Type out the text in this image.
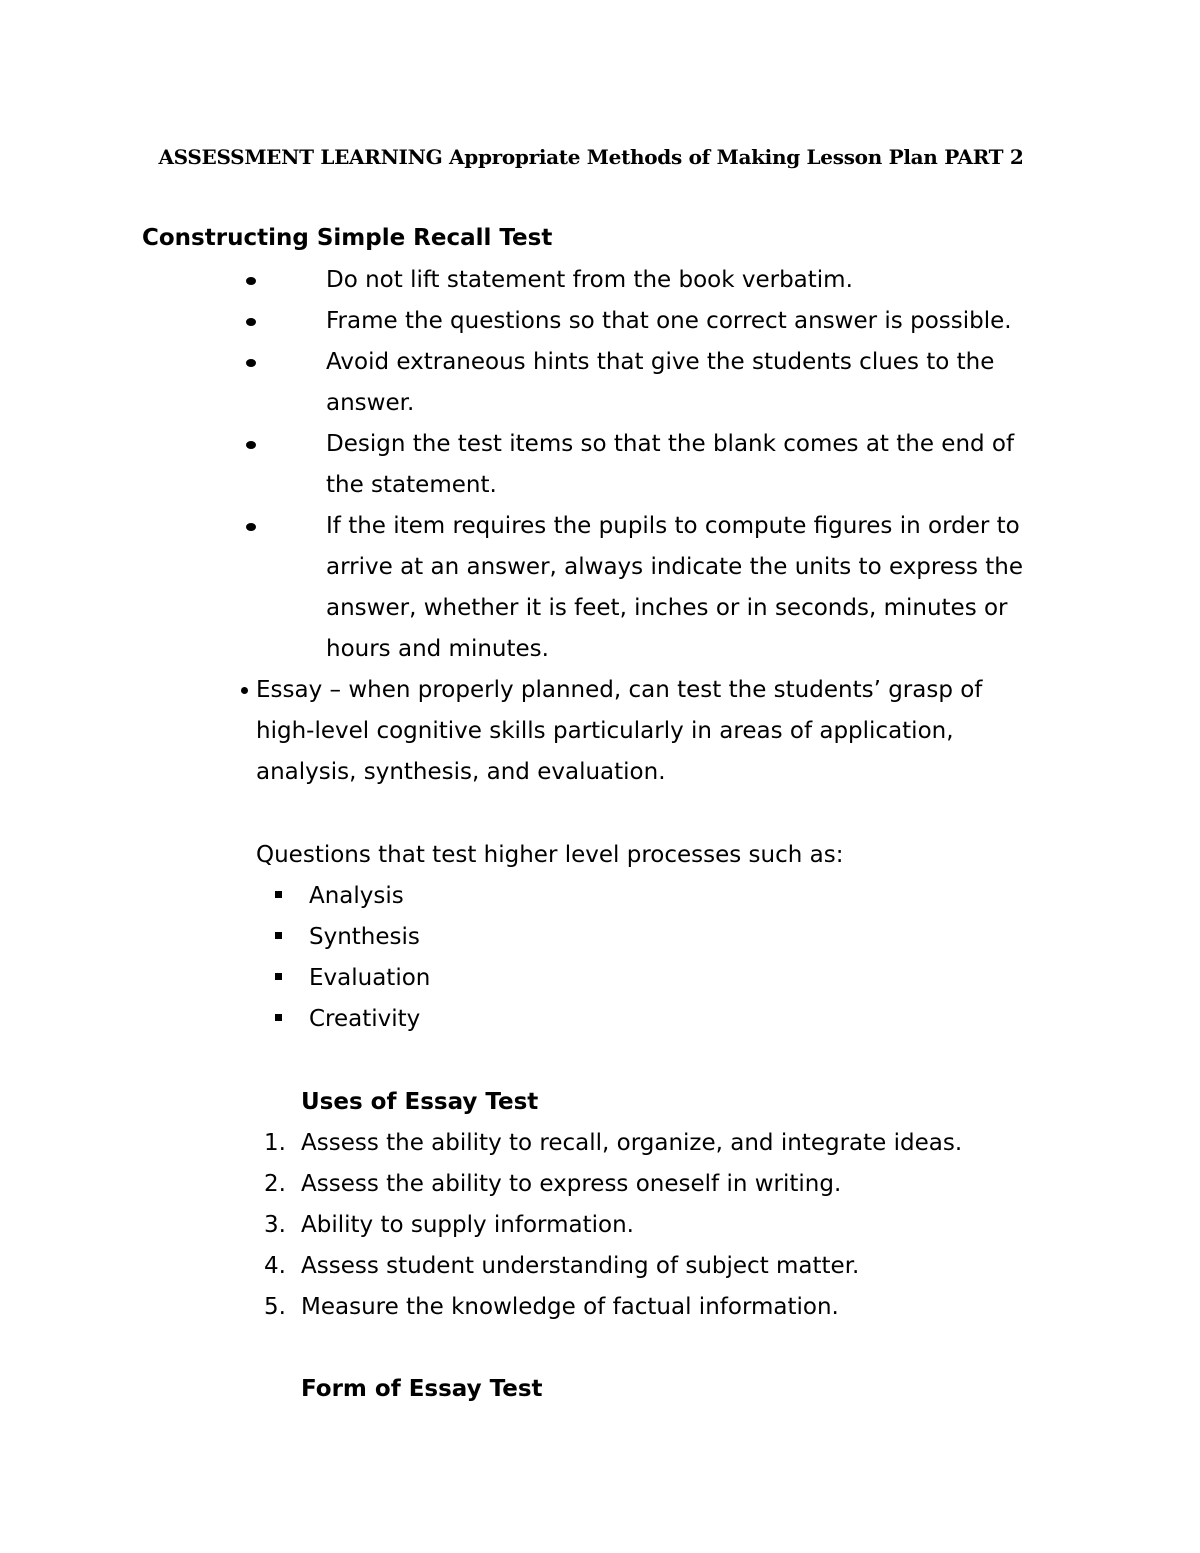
ASSESSMENT LEARNING Appropriate Methods of Making Lesson Plan PART 2
Constructing Simple Recall Test
Do not lift statement from the book verbatim.
Frame the questions so that one correct answer is possible.
Avoid extraneous hints that give the students clues to the
answer.
Design the test items so that the blank comes at the end of
the statement.
If the item requires the pupils to compute figures in order to
arrive at an answer, always indicate the units to express the
answer, whether it is feet, inches or in seconds, minutes or
hours and minutes.
Essay – when properly planned, can test the students’ grasp of
high-level cognitive skills particularly in areas of application,
analysis, synthesis, and evaluation.
Questions that test higher level processes such as:
Analysis
Synthesis
Evaluation
Creativity
Uses of Essay Test
1. Assess the ability to recall, organize, and integrate ideas.
2. Assess the ability to express oneself in writing.
3. Ability to supply information.
4. Assess student understanding of subject matter.
5. Measure the knowledge of factual information.
Form of Essay Test
